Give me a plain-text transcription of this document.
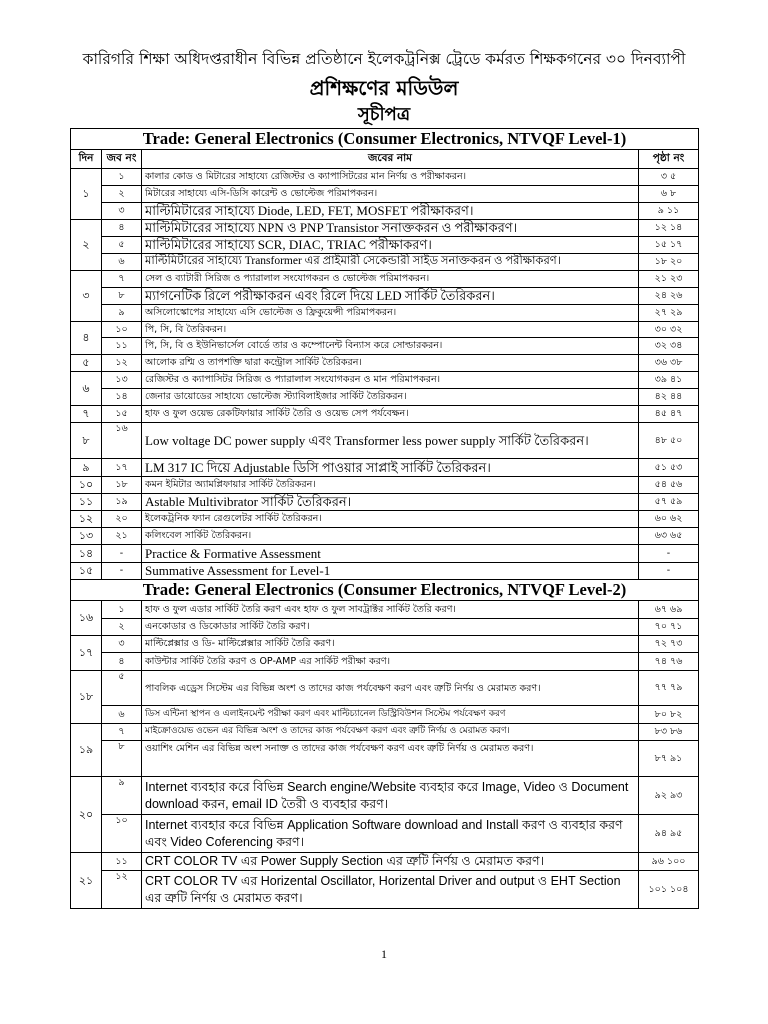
কারিগরি শিক্ষা অধিদপ্তরাধীন বিভিন্ন প্রতিষ্ঠানে ইলেকট্রনিক্স ট্রেডে কর্মরত শিক্ষকগনের ৩০ দিনব্যাপী
প্রশিক্ষণের মডিউল
সূচীপত্র
Trade: General Electronics (Consumer Electronics, NTVQF Level-1)			
দিন	জব নং	জবের নাম	পৃষ্ঠা নং
১	১	কালার কোড ও মিটারের সাহায্যে রেজিস্টর ও ক্যাপাসিটরের মান নির্ণয় ও পরীক্ষাকরন।	৩ ৫
	২	মিটারের সাহায্যে এসি-ডিসি কারেন্ট ও ভোল্টেজ পরিমাপকরন।	৬ ৮
	৩	মাল্টিমিটারের সাহায্যে Diode, LED, FET, MOSFET পরীক্ষাকরণ।	৯ ১১
২	৪	মাল্টিমিটারের সাহায্যে NPN ও PNP Transistor সনাক্তকরন ও পরীক্ষাকরণ।	১২ ১৪
	৫	মাল্টিমিটারের সাহায্যে SCR, DIAC, TRIAC পরীক্ষাকরণ।	১৫ ১৭
	৬	মাল্টিমিটারের সাহায্যে Transformer এর প্রাইমারী সেকেন্ডারী সাইড সনাক্তকরন ও পরীক্ষাকরণ।	১৮ ২০
৩	৭	সেল ও ব্যাটারী সিরিজ ও প্যারালাল সংযোগকরন ও ভোল্টেজ পরিমাপকরন।	২১ ২৩
	৮	ম্যাগনেটিক রিলে পরীক্ষাকরন এবং রিলে দিয়ে LED সার্কিট তৈরিকরন।	২৪ ২৬
	৯	অসিলোস্কোপের সাহায্যে এসি ভোল্টেজ ও ফ্রিকুয়েন্সী পরিমাপকরন।	২৭ ২৯
৪	১০	পি, সি, বি তৈরিকরন।	৩০ ৩২
	১১	পি, সি, বি ও ইউনিভার্সেল বোর্ডে তার ও কম্পোনেন্ট বিন্যাস করে সোল্ডারকরন।	৩২ ৩৪
৫	১২	আলোক রশ্মি ও তাপশক্তি দ্বারা কন্ট্রোল সার্কিট তৈরিকরন।	৩৬ ৩৮
৬	১৩	রেজিস্টর ও ক্যাপাসিটর সিরিজ ও প্যারালাল সংযোগকরন ও মান পরিমাপকরন।	৩৯ ৪১
	১৪	জেনার ডায়োডের সাহায্যে ভোল্টেজ স্ট্যাবিলাইজার সার্কিট তৈরিকরন।	৪২ ৪৪
৭	১৫	হাফ ও ফুল ওয়েভ রেকটিফায়ার সার্কিট তৈরি ও ওয়েভ সেপ পর্যবেক্ষন।	৪৫ ৪৭
৮	১৬	Low voltage DC power supply এবং Transformer less power supply সার্কিট তৈরিকরন।	৪৮ ৫০
৯	১৭	LM 317 IC দিয়ে Adjustable ডিসি পাওয়ার সাপ্লাই সার্কিট তৈরিকরন।	৫১ ৫৩
১০	১৮	কমন ইমিটার অ্যামপ্লিফায়ার সার্কিট তৈরিকরন।	৫৪ ৫৬
১১	১৯	Astable Multivibrator সার্কিট তৈরিকরন।	৫৭ ৫৯
১২	২০	ইলেকট্রনিক ফ্যান রেগুলেটর সার্কিট তৈরিকরন।	৬০ ৬২
১৩	২১	কলিংবেল সার্কিট তৈরিকরন।	৬৩ ৬৫
১৪	-	Practice & Formative Assessment	-
১৫	-	Summative Assessment for Level-1	-
Trade: General Electronics (Consumer Electronics, NTVQF Level-2)			
১৬	১	হাফ ও ফুল এডার সার্কিট তৈরি করণ এবং হাফ ও ফুল সাবট্রাক্টর সার্কিট তৈরি করণ।	৬৭ ৬৯
	২	এনকোডার ও ডিকোডার সার্কিট তৈরি করণ।	৭০ ৭১
১৭	৩	মাল্টিপ্লেক্সার ও ডি- মাল্টিপ্লেক্সার সার্কিট তৈরি করণ।	৭২ ৭৩
	৪	কাউন্টার সার্কিট তৈরি করণ ও OP-AMP এর সার্কিট পরীক্ষা করণ।	৭৪ ৭৬
১৮	৫	পাবলিক এড্রেস সিস্টেম এর বিভিন্ন অংশ ও তাদের কাজ পর্যবেক্ষণ করণ এবং ত্রুটি নির্ণয় ও মেরামত করণ।	৭৭ ৭৯
	৬	ডিস এন্টিনা স্থাপন ও এলাইনমেন্ট পরীক্ষা করণ এবং মাল্টিচ্যানেল ডিস্ট্রিবিউশন সিস্টেম পর্যবেক্ষণ করণ	৮০ ৮২
১৯	৭	মাইক্রোওয়েভ ওভেন এর বিভিন্ন অংশ ও তাদের কাজ পর্যবেক্ষণ করণ এবং ত্রুটি নির্ণয় ও মেরামত করণ।	৮৩ ৮৬
	৮	ওয়াশিং মেশিন এর বিভিন্ন অংশ সনাক্ত ও তাদের কাজ পর্যবেক্ষণ করণ এবং ত্রুটি নির্ণয় ও মেরামত করণ।	৮৭ ৯১
২০	৯	Internet ব্যবহার করে বিভিন্ন Search engine/Website ব্যবহার করে Image, Video ও Document download করন, email ID তৈরী ও ব্যবহার করণ।	৯২ ৯৩
	১০	Internet ব্যবহার করে বিভিন্ন Application Software download and Install করণ ও ব্যবহার করণ এবং Video Coferencing করণ।	৯৪ ৯৫
২১	১১	CRT COLOR TV এর Power Supply Section এর ত্রুটি নির্ণয় ও মেরামত করণ।	৯৬ ১০০
	১২	CRT COLOR TV এর Horizental Oscillator, Horizental Driver and output ও EHT Section এর ত্রুটি নির্ণয় ও মেরামত করণ।	১০১ ১০৪
1
